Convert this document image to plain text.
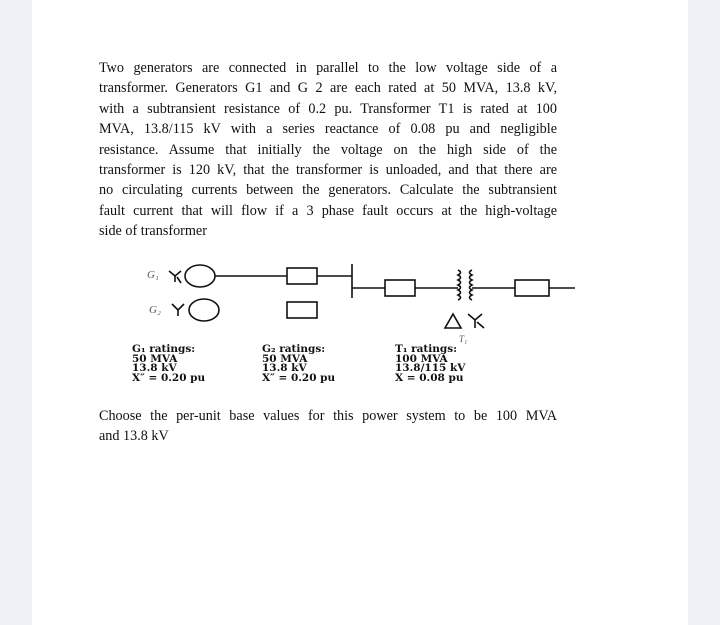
Two generators are connected in parallel to the low voltage side of a
transformer. Generators G1 and G 2 are each rated at 50 MVA, 13.8 kV,
with a subtransient resistance of 0.2 pu. Transformer T1 is rated at 100
MVA, 13.8/115 kV with a series reactance of 0.08 pu and negligible
resistance. Assume that initially the voltage on the high side of the
transformer is 120 kV, that the transformer is unloaded, and that there are
no circulating currents between the generators. Calculate the subtransient
fault current that will flow if a 3 phase fault occurs at the high-voltage
side of transformer
G₁
G₂
T₁
G₁ ratings:
50 MVA
13.8 kV
X″ = 0.20 pu
G₂ ratings:
50 MVA
13.8 kV
X″ = 0.20 pu
T₁ ratings:
100 MVA
13.8/115 kV
X = 0.08 pu
Choose the per-unit base values for this power system to be 100 MVA
and 13.8 kV
